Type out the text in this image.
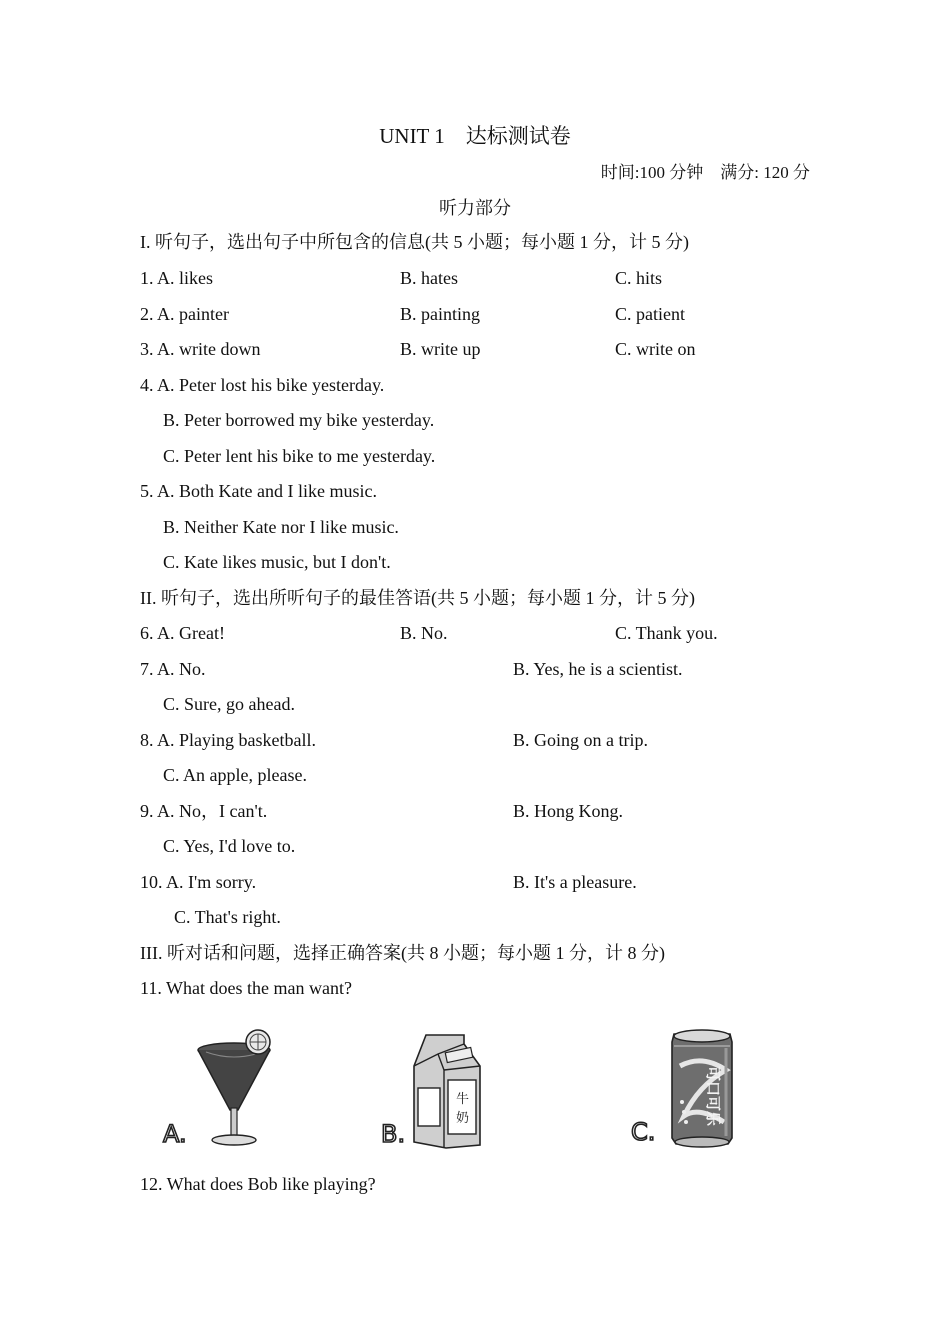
UNIT 1　达标测试卷
时间:100 分钟　满分: 120 分
听力部分
I. 听句子，选出句子中所包含的信息(共 5 小题；每小题 1 分，计 5 分)
1. A. likes	B. hates	C. hits
2. A. painter	B. painting	C. patient
3. A. write down	B. write up	C. write on
4. A. Peter lost his bike yesterday.
B. Peter borrowed my bike yesterday.
C. Peter lent his bike to me yesterday.
5. A. Both Kate and I like music.
B. Neither Kate nor I like music.
C. Kate likes music, but I don't.
II. 听句子，选出所听句子的最佳答语(共 5 小题；每小题 1 分，计 5 分)
6. A. Great!	B. No.	C. Thank you.
7. A. No.	B. Yes, he is a scientist.
C. Sure, go ahead.
8. A. Playing basketball.	B. Going on a trip.
C. An apple, please.
9. A. No，I can't.	B. Hong Kong.
C. Yes, I'd love to.
10. A. I'm sorry.	B. It's a pleasure.
C. That's right.
III. 听对话和问题，选择正确答案(共 8 小题；每小题 1 分，计 8 分)
11. What does the man want?
A.	B.
牛
奶	C.
可口可乐
12. What does Bob like playing?
